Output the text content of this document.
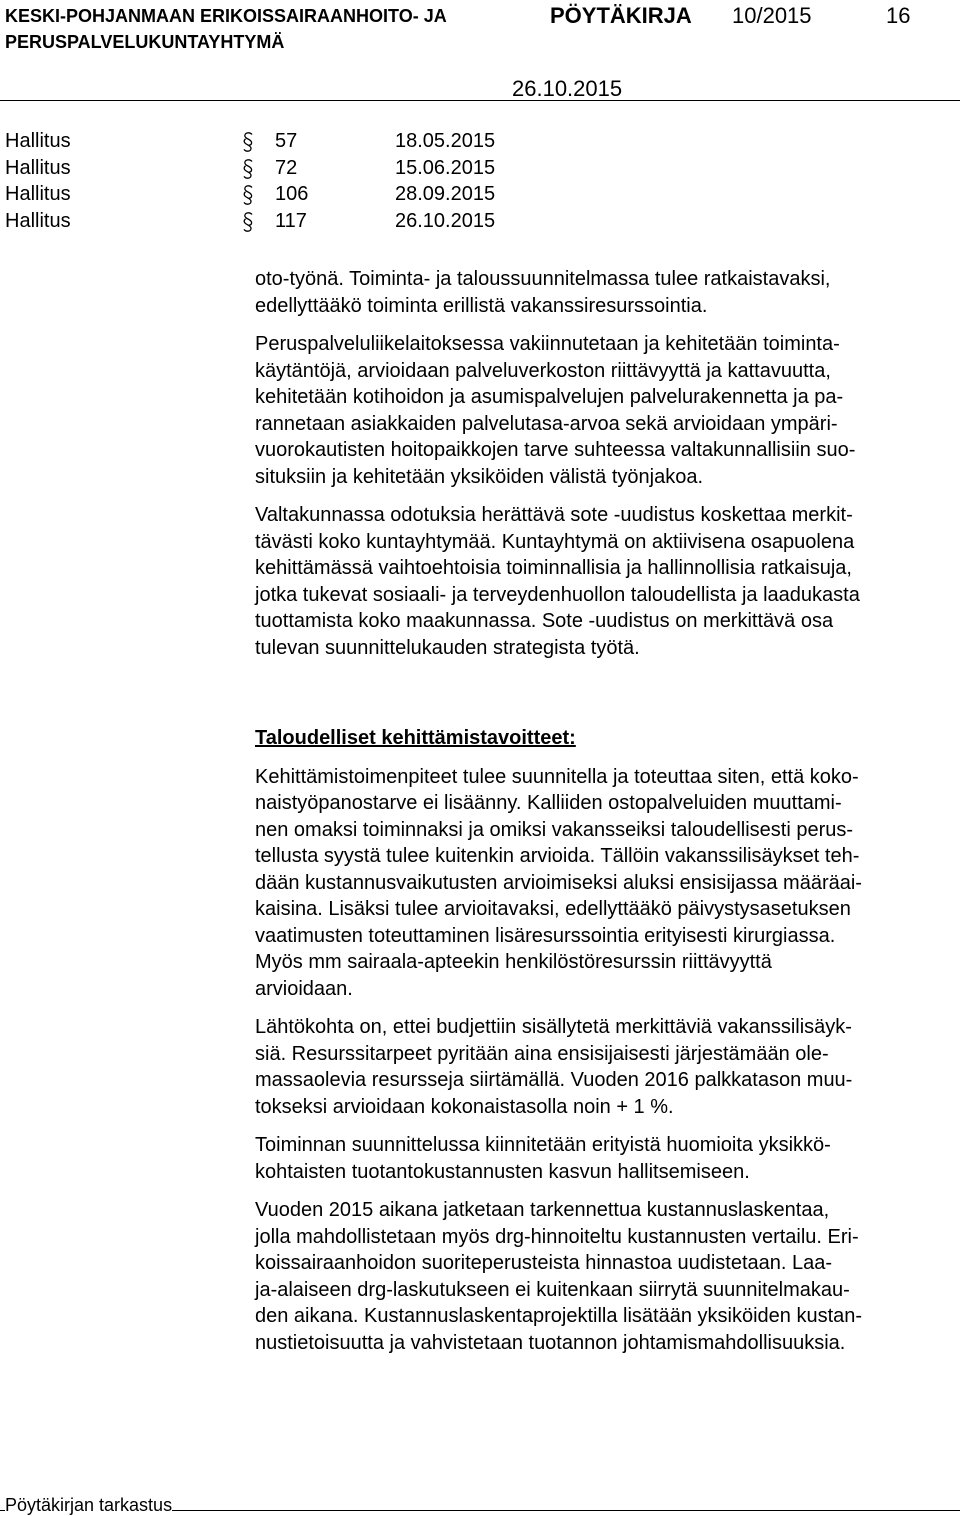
KESKI-POHJANMAAN ERIKOISSAIRAANHOITO- JA
PERUSPALVELUKUNTAYHTYMÄ
PÖYTÄKIRJA 10/2015	16
26.10.2015
Hallitus	57	18.05.2015
Hallitus	72	15.06.2015
Hallitus	106	28.09.2015
Hallitus	117	26.10.2015

oto-työnä. Toiminta- ja taloussuunnitelmassa tulee ratkaistavaksi,

edellyttääkö toiminta erillistä vakanssiresurssointia.

Peruspalveluliikelaitoksessa vakiinnutetaan ja kehitetään toiminta-

käytäntöjä, arvioidaan palveluverkoston riittävyyttä ja kattavuutta,

kehitetään kotihoidon ja asumispalvelujen palvelurakennetta ja pa-

rannetaan asiakkaiden palvelutasa-arvoa sekä arvioidaan ympäri-

vuorokautisten hoitopaikkojen tarve suhteessa valtakunnallisiin suo-

situksiin ja kehitetään yksiköiden välistä työnjakoa.

Valtakunnassa odotuksia herättävä sote -uudistus koskettaa merkit-

tävästi koko kuntayhtymää. Kuntayhtymä on aktiivisena osapuolena

kehittämässä vaihtoehtoisia toiminnallisia ja hallinnollisia ratkaisuja,

jotka tukevat sosiaali- ja terveydenhuollon taloudellista ja laadukasta

tuottamista koko maakunnassa. Sote -uudistus on merkittävä osa

tulevan suunnittelukauden strategista työtä.

Taloudelliset kehittämistavoitteet:

Kehittämistoimenpiteet tulee suunnitella ja toteuttaa siten, että koko-

naistyöpanostarve ei lisäänny. Kalliiden ostopalveluiden muuttami-

nen omaksi toiminnaksi ja omiksi vakansseiksi taloudellisesti perus-

tellusta syystä tulee kuitenkin arvioida. Tällöin vakanssilisäykset teh-

dään kustannusvaikutusten arvioimiseksi aluksi ensisijassa määräai-

kaisina. Lisäksi tulee arvioitavaksi, edellyttääkö päivystysasetuksen

vaatimusten toteuttaminen lisäresurssointia erityisesti kirurgiassa.

Myös mm sairaala-apteekin henkilöstöresurssin riittävyyttä

arvioidaan.

Lähtökohta on, ettei budjettiin sisällytetä merkittäviä vakanssilisäyk-

siä. Resurssitarpeet pyritään aina ensisijaisesti järjestämään ole-

massaolevia resursseja siirtämällä. Vuoden 2016 palkkatason muu-

tokseksi arvioidaan kokonaistasolla noin + 1 %.

Toiminnan suunnittelussa kiinnitetään erityistä huomioita yksikkö-

kohtaisten tuotantokustannusten kasvun hallitsemiseen.

Vuoden 2015 aikana jatketaan tarkennettua kustannuslaskentaa,

jolla mahdollistetaan myös drg-hinnoiteltu kustannusten vertailu. Eri-

koissairaanhoidon suoriteperusteista hinnastoa uudistetaan. Laa-

ja-alaiseen drg-laskutukseen ei kuitenkaan siirrytä suunnitelmakau-

den aikana. Kustannuslaskentaprojektilla lisätään yksiköiden kustan-

nustietoisuutta ja vahvistetaan tuotannon johtamismahdollisuuksia.

Pöytäkirjan tarkastus
